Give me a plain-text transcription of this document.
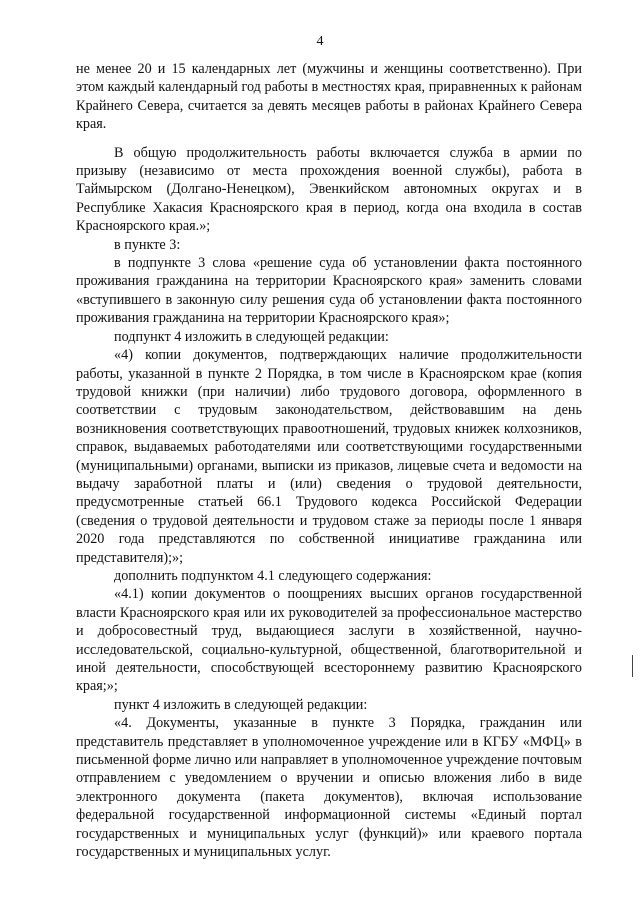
4

не менее 20 и 15 календарных лет (мужчины и женщины соответственно). При этом каждый календарный год работы в местностях края, приравненных к районам Крайнего Севера, считается за девять месяцев работы в районах Крайнего Севера края.

В общую продолжительность работы включается служба в армии по призыву (независимо от места прохождения военной службы), работа в Таймырском (Долгано-Ненецком), Эвенкийском автономных округах и в Республике Хакасия Красноярского края в период, когда она входила в состав Красноярского края.»;

в пункте 3:

в подпункте 3 слова «решение суда об установлении факта постоянного проживания гражданина на территории Красноярского края» заменить словами «вступившего в законную силу решения суда об установлении факта постоянного проживания гражданина на территории Красноярского края»;

подпункт 4 изложить в следующей редакции:

«4) копии документов, подтверждающих наличие продолжительности работы, указанной в пункте 2 Порядка, в том числе в Красноярском крае (копия трудовой книжки (при наличии) либо трудового договора, оформленного в соответствии с трудовым законодательством, действовавшим на день возникновения соответствующих правоотношений, трудовых книжек колхозников, справок, выдаваемых работодателями или соответствующими государственными (муниципальными) органами, выписки из приказов, лицевые счета и ведомости на выдачу заработной платы и (или) сведения о трудовой деятельности, предусмотренные статьей 66.1 Трудового кодекса Российской Федерации (сведения о трудовой деятельности и трудовом стаже за периоды после 1 января 2020 года представляются по собственной инициативе гражданина или представителя);»;

дополнить подпунктом 4.1 следующего содержания:

«4.1) копии документов о поощрениях высших органов государственной власти Красноярского края или их руководителей за профессиональное мастерство и добросовестный труд, выдающиеся заслуги в хозяйственной, научно-исследовательской, социально-культурной, общественной, благотворительной и иной деятельности, способствующей всестороннему развитию Красноярского края;»;

пункт 4 изложить в следующей редакции:

«4. Документы, указанные в пункте 3 Порядка, гражданин или представитель представляет в уполномоченное учреждение или в КГБУ «МФЦ» в письменной форме лично или направляет в уполномоченное учреждение почтовым отправлением с уведомлением о вручении и описью вложения либо в виде электронного документа (пакета документов), включая использование федеральной государственной информационной системы «Единый портал государственных и муниципальных услуг (функций)» или краевого портала государственных и муниципальных услуг.
